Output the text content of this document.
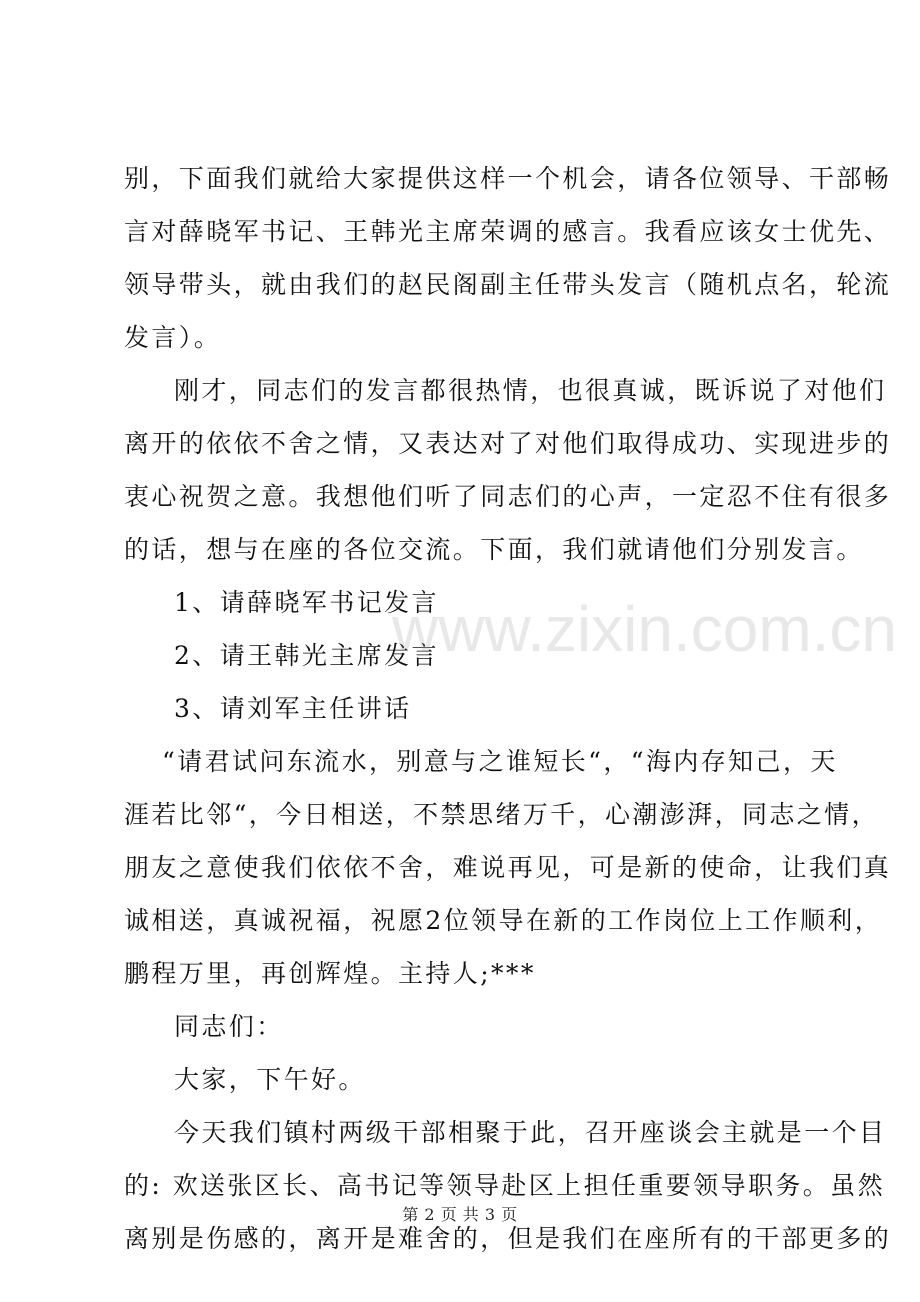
别，下面我们就给大家提供这样一个机会，请各位领导、干部畅
言对薛晓军书记、王韩光主席荣调的感言。我看应该女士优先、
领导带头，就由我们的赵民阁副主任带头发言（随机点名，轮流
发言）。
刚才，同志们的发言都很热情，也很真诚，既诉说了对他们
离开的依依不舍之情，又表达对了对他们取得成功、实现进步的
衷心祝贺之意。我想他们听了同志们的心声，一定忍不住有很多
的话，想与在座的各位交流。下面，我们就请他们分别发言。
1、请薛晓军书记发言
2、请王韩光主席发言
3、请刘军主任讲话
“请君试问东流水，别意与之谁短长“，“海内存知己，天
涯若比邻“，今日相送，不禁思绪万千，心潮澎湃，同志之情，
朋友之意使我们依依不舍，难说再见，可是新的使命，让我们真
诚相送，真诚祝福，祝愿2位领导在新的工作岗位上工作顺利，
鹏程万里，再创辉煌。主持人;***
同志们：
大家，下午好。
今天我们镇村两级干部相聚于此，召开座谈会主就是一个目
的: 欢送张区长、高书记等领导赴区上担任重要领导职务。虽然
离别是伤感的，离开是难舍的，但是我们在座所有的干部更多的
www.zixin.com.cn
第 2 页 共 3 页
